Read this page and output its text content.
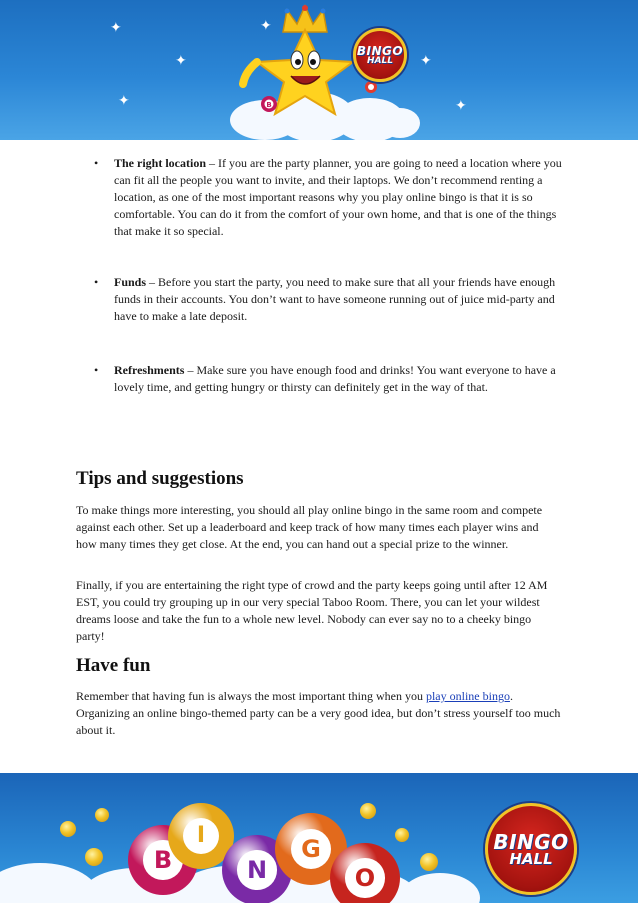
✦
✦
✦
✦
✦
✦
B
BINGO
HALL
• The right location – If you are the party planner, you are going to need a location where you can fit all the people you want to invite, and their laptops. We don’t recommend renting a location, as one of the most important reasons why you play online bingo is that it is so comfortable. You can do it from the comfort of your own home, and that is one of the things that make it so special.
• Funds – Before you start the party, you need to make sure that all your friends have enough funds in their accounts. You don’t want to have someone running out of juice mid-party and have to make a late deposit.
• Refreshments – Make sure you have enough food and drinks! You want everyone to have a lovely time, and getting hungry or thirsty can definitely get in the way of that.
Tips and suggestions

To make things more interesting, you should all play online bingo in the same room and compete against each other. Set up a leaderboard and keep track of how many times each player wins and how many times they get close. At the end, you can hand out a special prize to the winner.

Finally, if you are entertaining the right type of crowd and the party keeps going until after 12 AM EST, you could try grouping up in our very special Taboo Room. There, you can let your wildest dreams loose and take the fun to a whole new level. Nobody can ever say no to a cheeky bingo party!

Have fun

Remember that having fun is always the most important thing when you play online bingo. Organizing an online bingo-themed party can be a very good idea, but don’t stress yourself too much about it.

B
I
N
G
O
BINGO
HALL
